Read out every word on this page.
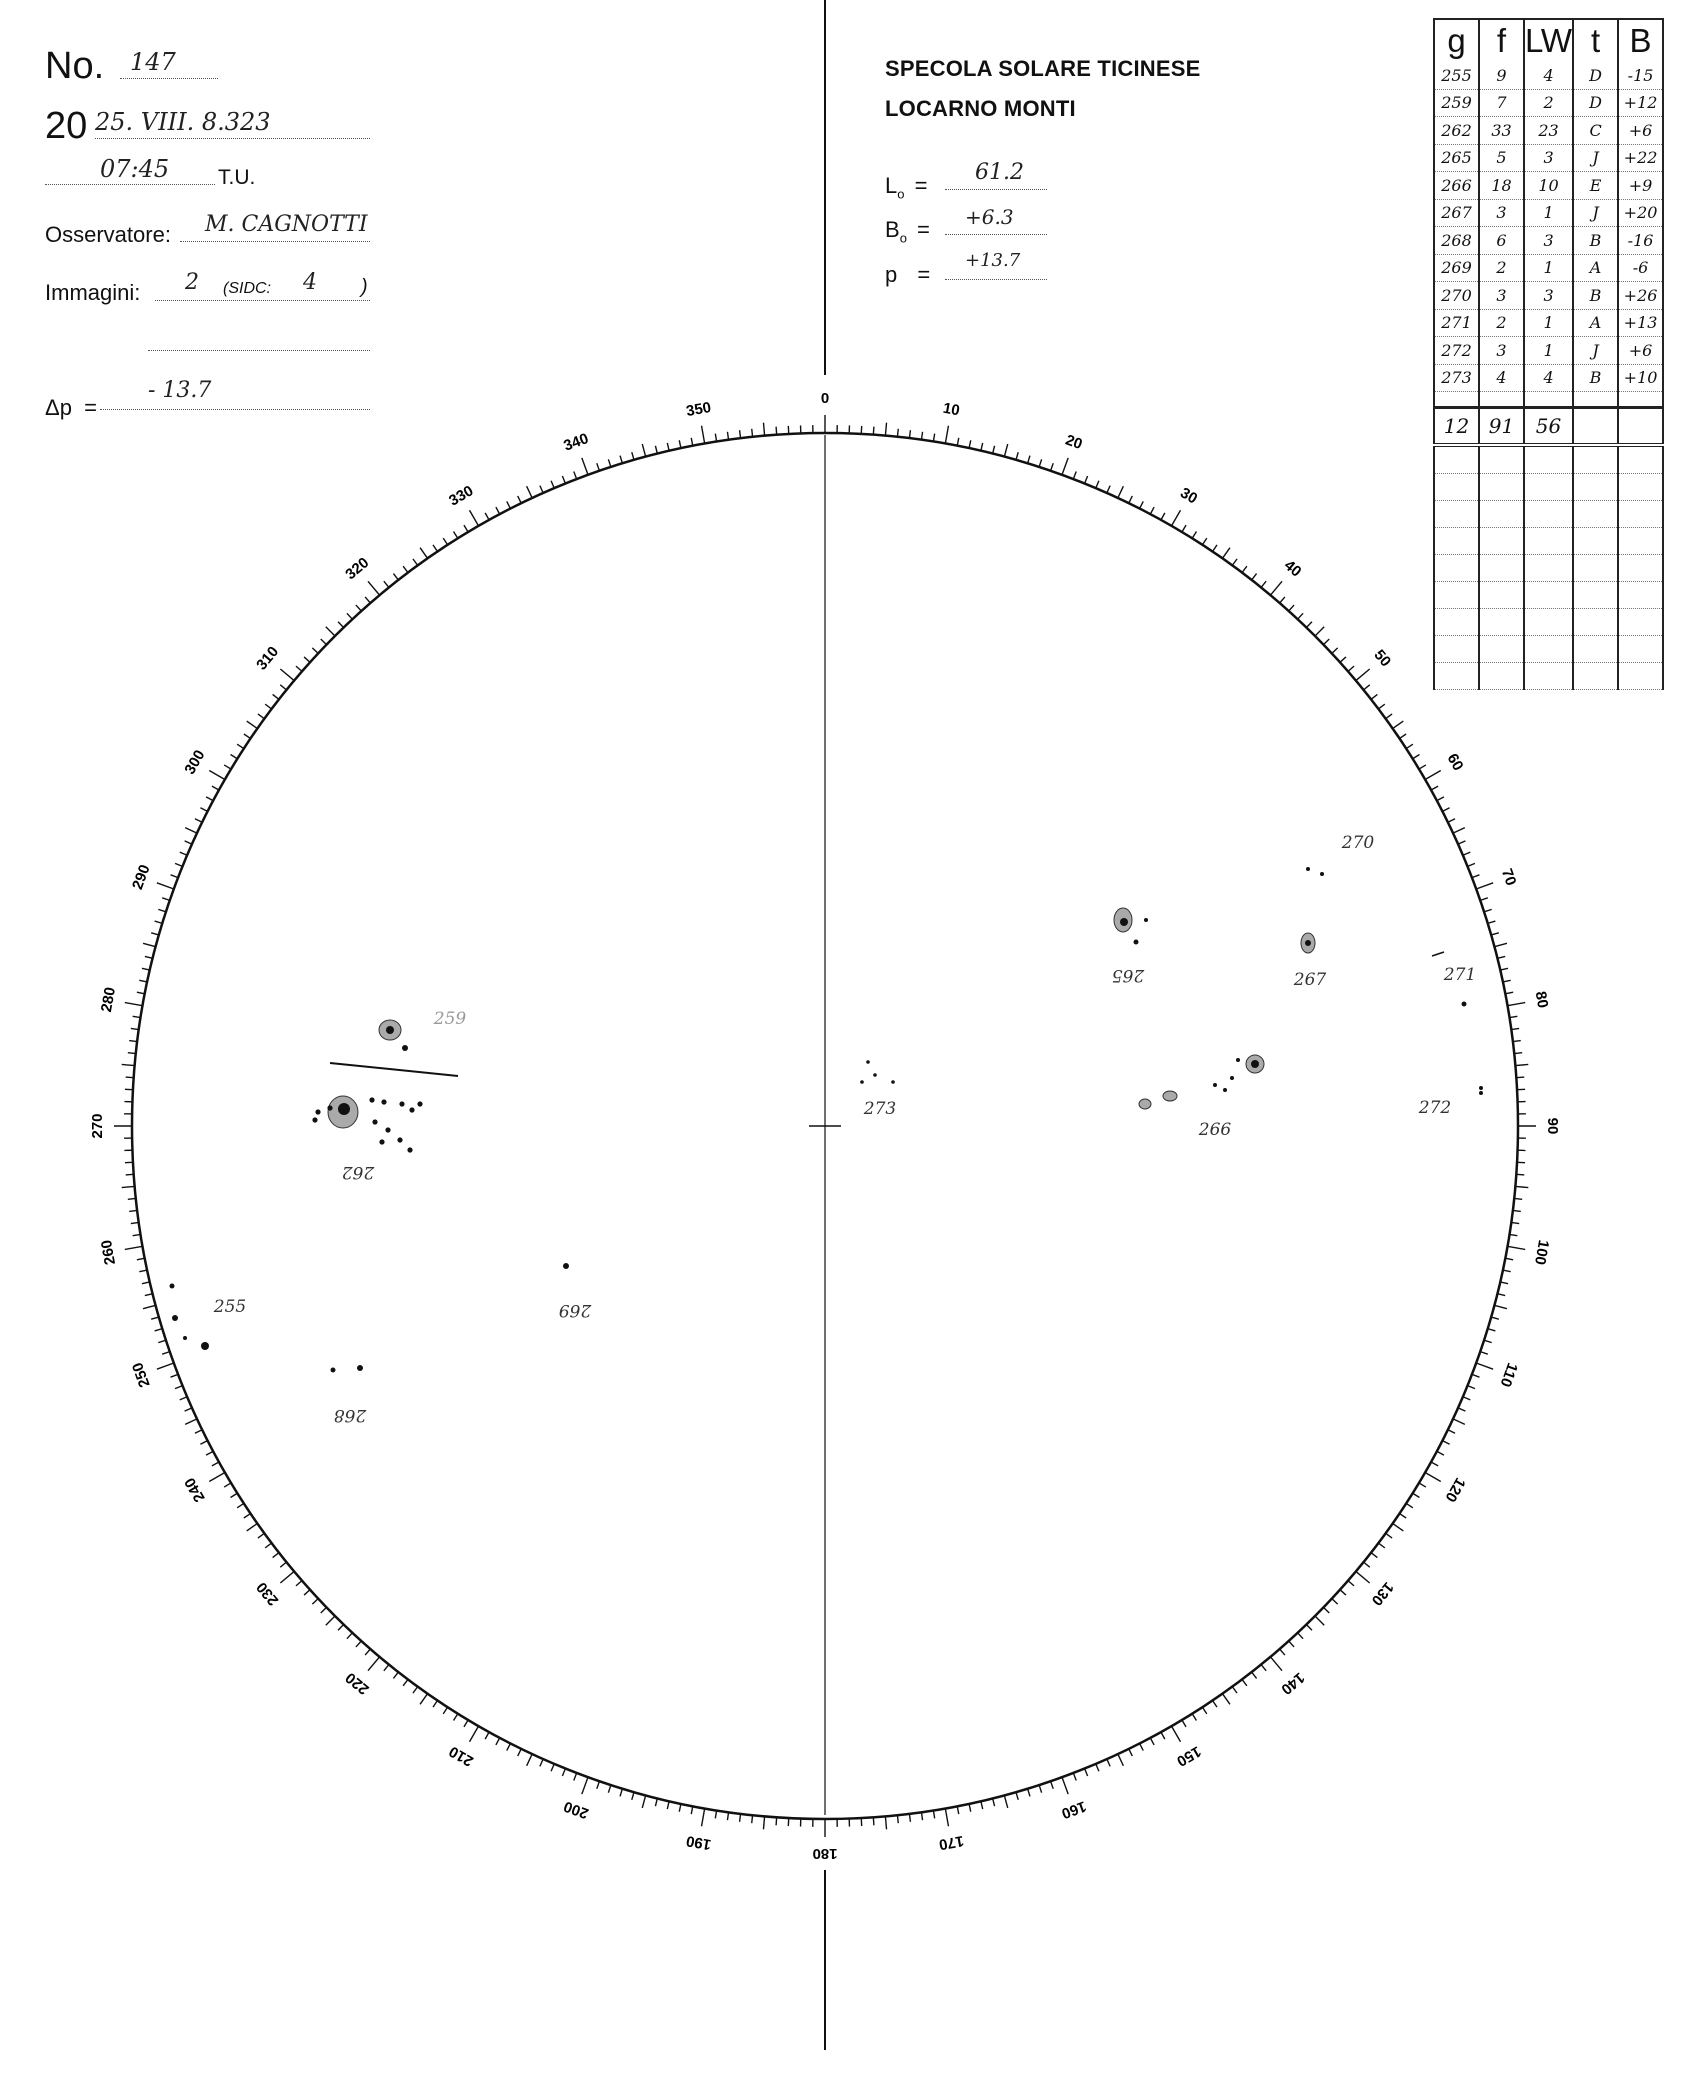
No.	147
20 25. VIII. 8.323
07:45	T.U.
Osservatore:	M. CAGNOTTI
Immagini: 2 (SIDC: 4 )
Δp  =
- 13.7
SPECOLA SOLARE TICINESE
LOCARNO MONTI
$L_o$ =
61.2
$B_o$ =	+6.3
p =
+13.7
g	f	LW	t	B
255	9	4	D	-15
259	7	2	D	+12
262	33	23	C	+6
265	5	3	J	+22
266	18	10	E	+9
267	3	1	J	+20
268	6	3	B	-16
269	2	1	A	-6
270	3	3	B	+26
271	2	1	A	+13
272	3	1	J	+6
273	4	4	B	+10

12	91	56		

0
10
20
30
40
50
60
70
80
90
100
110
120
130
140
150
160
170
180
190
200
210
220
230
240
250
260
270
280
290
300
310
320
330
340
350
255
259
262
265
266
267
268
269
270
271
272
273
